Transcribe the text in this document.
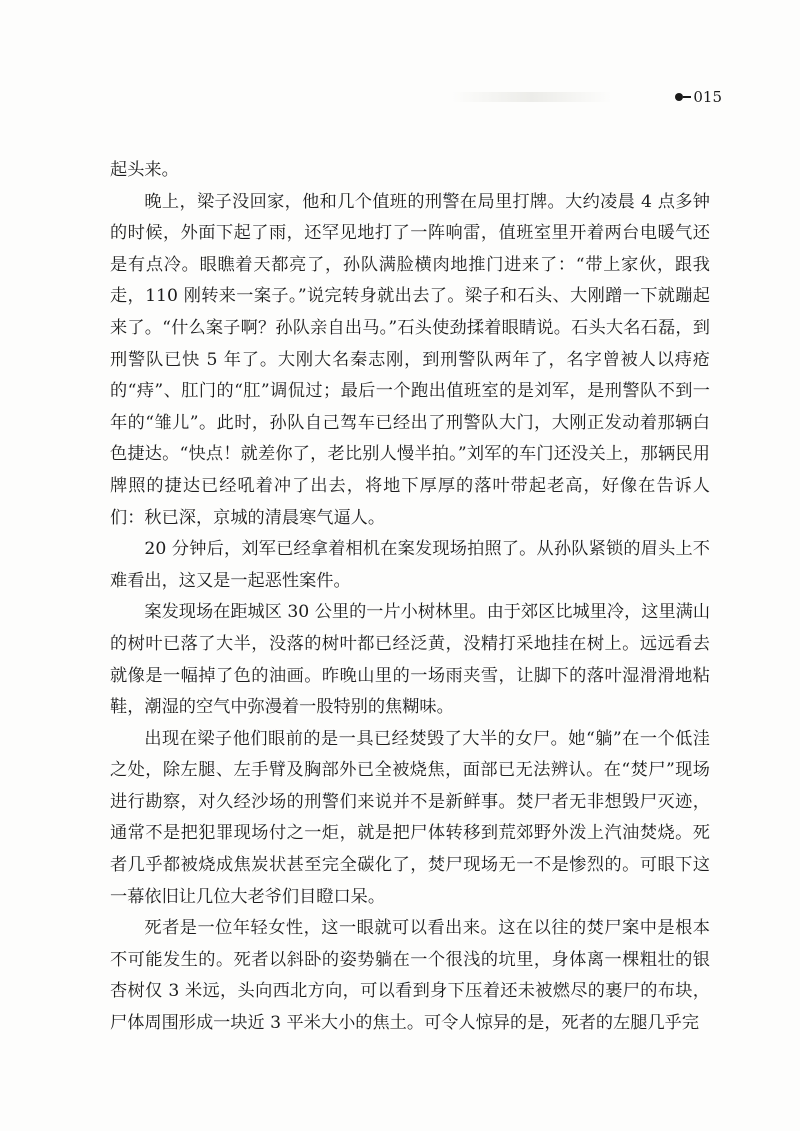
015

起头来。

晚上，梁子没回家，他和几个值班的刑警在局里打牌。大约凌晨 4 点多钟的时候，外面下起了雨，还罕见地打了一阵响雷，值班室里开着两台电暖气还是有点冷。眼瞧着天都亮了，孙队满脸横肉地推门进来了：“带上家伙，跟我走，110 刚转来一案子。”说完转身就出去了。梁子和石头、大刚蹭一下就蹦起来了。“什么案子啊？孙队亲自出马。”石头使劲揉着眼睛说。石头大名石磊，到刑警队已快 5 年了。大刚大名秦志刚，到刑警队两年了，名字曾被人以痔疮的“痔”、肛门的“肛”调侃过；最后一个跑出值班室的是刘军，是刑警队不到一年的“雏儿”。此时，孙队自己驾车已经出了刑警队大门，大刚正发动着那辆白色捷达。“快点！就差你了，老比别人慢半拍。”刘军的车门还没关上，那辆民用牌照的捷达已经吼着冲了出去，将地下厚厚的落叶带起老高，好像在告诉人们：秋已深，京城的清晨寒气逼人。

20 分钟后，刘军已经拿着相机在案发现场拍照了。从孙队紧锁的眉头上不难看出，这又是一起恶性案件。

案发现场在距城区 30 公里的一片小树林里。由于郊区比城里冷，这里满山的树叶已落了大半，没落的树叶都已经泛黄，没精打采地挂在树上。远远看去就像是一幅掉了色的油画。昨晚山里的一场雨夹雪，让脚下的落叶湿滑滑地粘鞋，潮湿的空气中弥漫着一股特别的焦糊味。

出现在梁子他们眼前的是一具已经焚毁了大半的女尸。她“躺”在一个低洼之处，除左腿、左手臂及胸部外已全被烧焦，面部已无法辨认。在“焚尸”现场进行勘察，对久经沙场的刑警们来说并不是新鲜事。焚尸者无非想毁尸灭迹，通常不是把犯罪现场付之一炬，就是把尸体转移到荒郊野外泼上汽油焚烧。死者几乎都被烧成焦炭状甚至完全碳化了，焚尸现场无一不是惨烈的。可眼下这一幕依旧让几位大老爷们目瞪口呆。

死者是一位年轻女性，这一眼就可以看出来。这在以往的焚尸案中是根本不可能发生的。死者以斜卧的姿势躺在一个很浅的坑里，身体离一棵粗壮的银杏树仅 3 米远，头向西北方向，可以看到身下压着还未被燃尽的裹尸的布块，尸体周围形成一块近 3 平米大小的焦土。可令人惊异的是，死者的左腿几乎完
